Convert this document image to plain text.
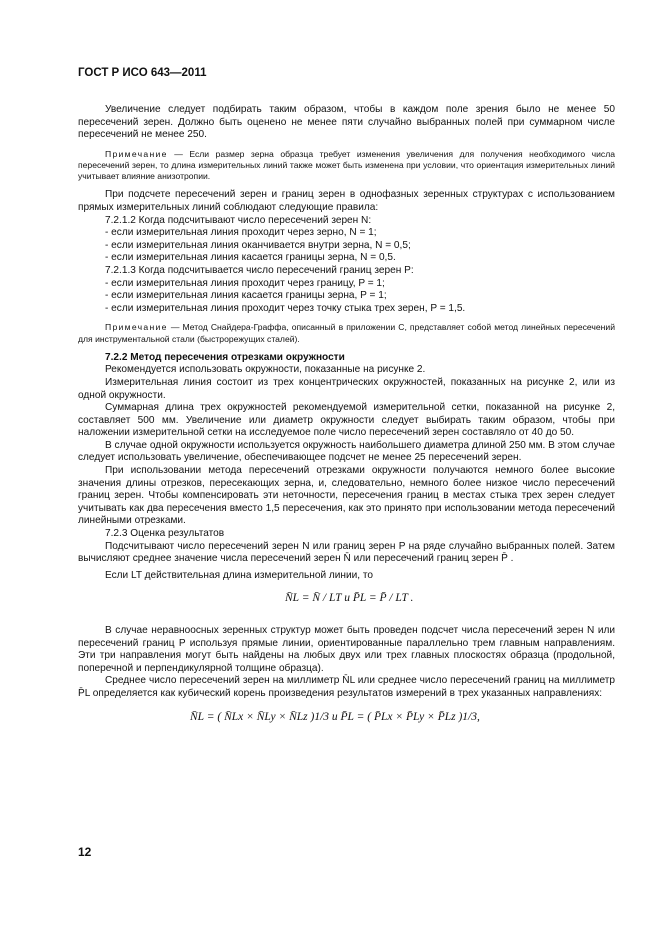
ГОСТ Р ИСО 643—2011

Увеличение следует подбирать таким образом, чтобы в каждом поле зрения было не менее 50 пересечений зерен. Должно быть оценено не менее пяти случайно выбранных полей при суммарном числе пересечений не менее 250.

Примечание — Если размер зерна образца требует изменения увеличения для получения необходимого числа пересечений зерен, то длина измерительных линий также может быть изменена при условии, что ориентация измерительных линий учитывает влияние анизотропии.

При подсчете пересечений зерен и границ зерен в однофазных зеренных структурах с использованием прямых измерительных линий соблюдают следующие правила:

7.2.1.2 Когда подсчитывают число пересечений зерен N:

- если измерительная линия проходит через зерно, N = 1;

- если измерительная линия оканчивается внутри зерна, N = 0,5;

- если измерительная линия касается границы зерна, N = 0,5.

7.2.1.3 Когда подсчитывается число пересечений границ зерен P:

- если измерительная линия проходит через границу, P = 1;

- если измерительная линия касается границы зерна, P = 1;

- если измерительная линия проходит через точку стыка трех зерен, P = 1,5.

Примечание — Метод Снайдера-Граффа, описанный в приложении С, представляет собой метод линейных пересечений для инструментальной стали (быстрорежущих сталей).

7.2.2 Метод пересечения отрезками окружности

Рекомендуется использовать окружности, показанные на рисунке 2.

Измерительная линия состоит из трех концентрических окружностей, показанных на рисунке 2, или из одной окружности.

Суммарная длина трех окружностей рекомендуемой измерительной сетки, показанной на рисунке 2, составляет 500 мм. Увеличение или диаметр окружности следует выбирать таким образом, чтобы при наложении измерительной сетки на исследуемое поле число пересечений зерен составляло от 40 до 50.

В случае одной окружности используется окружность наибольшего диаметра длиной 250 мм. В этом случае следует использовать увеличение, обеспечивающее подсчет не менее 25 пересечений зерен.

При использовании метода пересечений отрезками окружности получаются немного более высокие значения длины отрезков, пересекающих зерна, и, следовательно, немного более низкое число пересечений границ зерен. Чтобы компенсировать эти неточности, пересечения границ в местах стыка трех зерен следует учитывать как два пересечения вместо 1,5 пересечения, как это принято при использовании метода пересечений линейными отрезками.

7.2.3 Оценка результатов

Подсчитывают число пересечений зерен N или границ зерен P на ряде случайно выбранных полей. Затем вычисляют среднее значение числа пересечений зерен N̄ или пересечений границ зерен P̄ .

Если LT действительная длина измерительной линии, то

N̄L = N̄ / LT и P̄L = P̄ / LT .

В случае неравноосных зеренных структур может быть проведен подсчет числа пересечений зерен N или пересечений границ P используя прямые линии, ориентированные параллельно трем главным направлениям. Эти три направления могут быть найдены на любых двух или трех главных плоскостях образца (продольной, поперечной и перпендикулярной толщине образца).

Среднее число пересечений зерен на миллиметр N̄L или среднее число пересечений границ на миллиметр P̄L определяется как кубический корень произведения результатов измерений в трех указанных направлениях:

N̄L = ( N̄Lx × N̄Ly × N̄Lz )1/3 и P̄L = ( P̄Lx × P̄Ly × P̄Lz )1/3,

12
